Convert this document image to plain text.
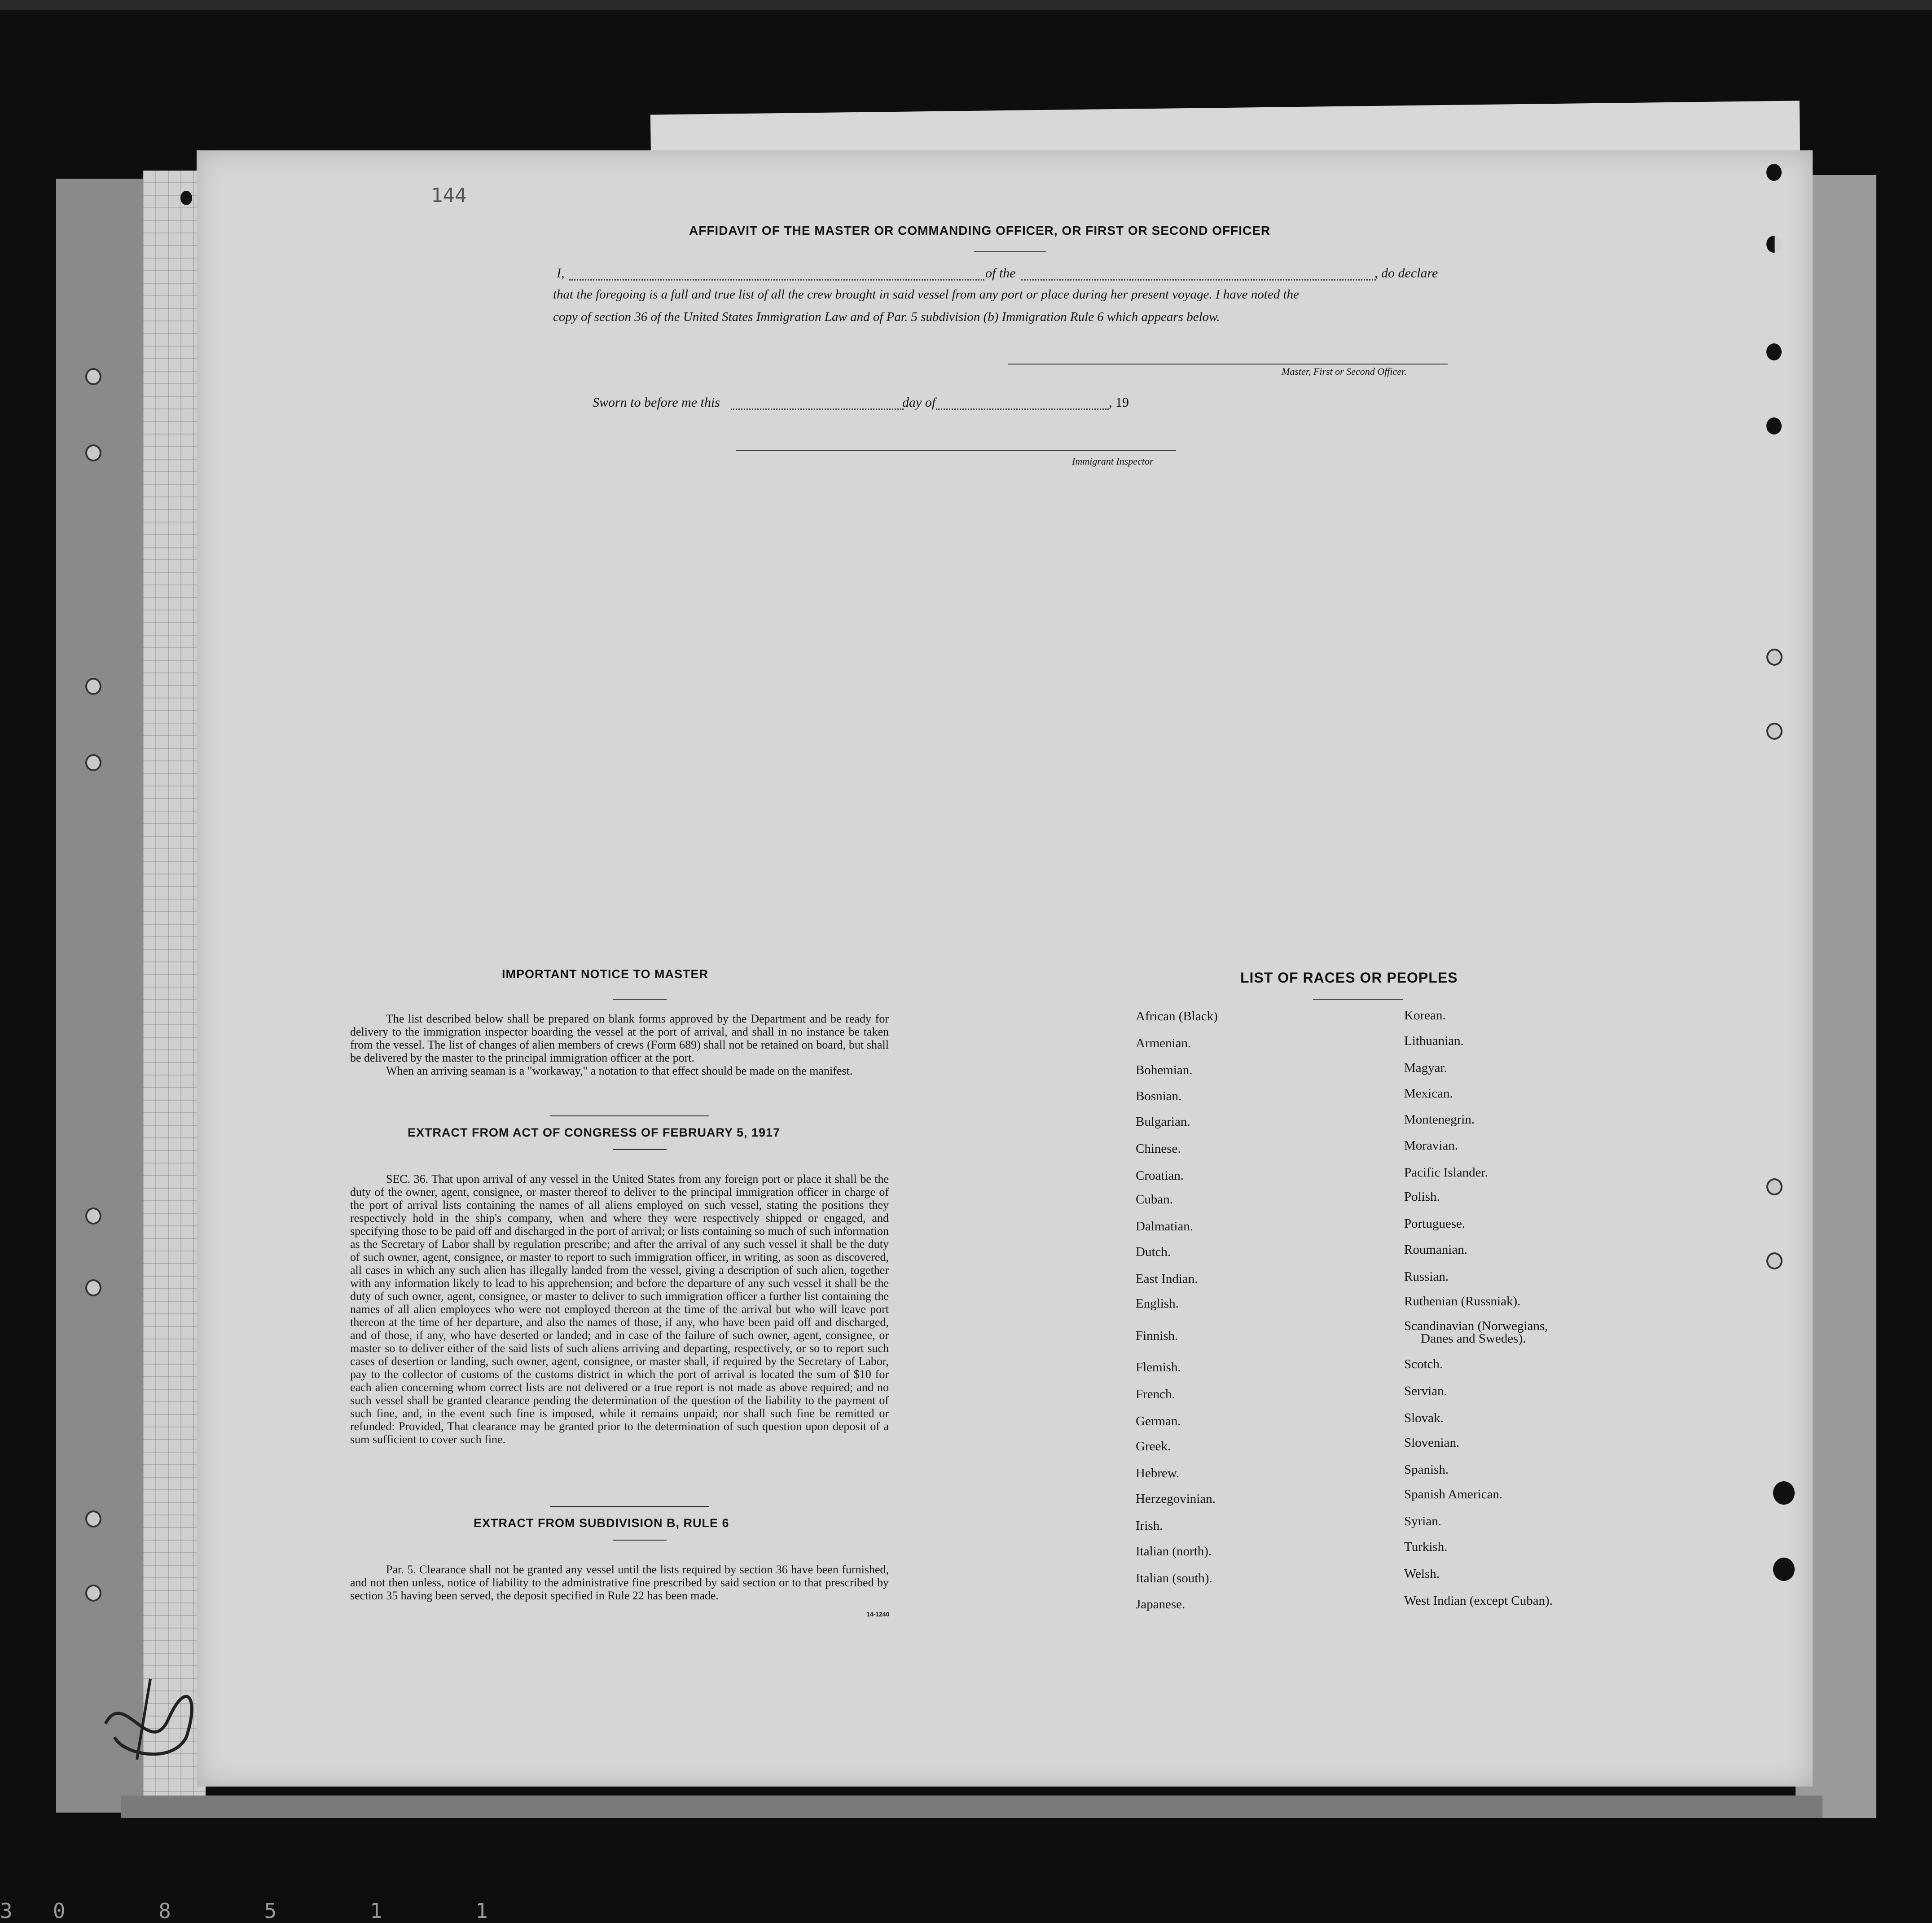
144
AFFIDAVIT OF THE MASTER OR COMMANDING OFFICER, OR FIRST OR SECOND OFFICER
I,	of the	, do declare
that the foregoing is a full and true list of all the crew brought in said vessel from any port or place during her present voyage. I have noted the
copy of section 36 of the United States Immigration Law and of Par. 5 subdivision (b) Immigration Rule 6 which appears below.
Master, First or Second Officer.
Sworn to before me this	day of	, 19
Immigrant Inspector
IMPORTANT NOTICE TO MASTER

The list described below shall be prepared on blank forms approved by the Department and be ready for delivery to the immigration inspector boarding the vessel at the port of arrival, and shall in no instance be taken from the vessel. The list of changes of alien members of crews (Form 689) shall not be retained on board, but shall be delivered by the master to the principal immigration officer at the port.

When an arriving seaman is a "workaway," a notation to that effect should be made on the manifest.

EXTRACT FROM ACT OF CONGRESS OF FEBRUARY 5, 1917

SEC. 36. That upon arrival of any vessel in the United States from any foreign port or place it shall be the duty of the owner, agent, consignee, or master thereof to deliver to the principal immigration officer in charge of the port of arrival lists containing the names of all aliens employed on such vessel, stating the positions they respectively hold in the ship's company, when and where they were respectively shipped or engaged, and specifying those to be paid off and discharged in the port of arrival; or lists containing so much of such information as the Secretary of Labor shall by regulation prescribe; and after the arrival of any such vessel it shall be the duty of such owner, agent, consignee, or master to report to such immigration officer, in writing, as soon as discovered, all cases in which any such alien has illegally landed from the vessel, giving a description of such alien, together with any information likely to lead to his apprehension; and before the departure of any such vessel it shall be the duty of such owner, agent, consignee, or master to deliver to such immigration officer a further list containing the names of all alien employees who were not employed thereon at the time of the arrival but who will leave port thereon at the time of her departure, and also the names of those, if any, who have been paid off and discharged, and of those, if any, who have deserted or landed; and in case of the failure of such owner, agent, consignee, or master so to deliver either of the said lists of such aliens arriving and departing, respectively, or so to report such cases of desertion or landing, such owner, agent, consignee, or master shall, if required by the Secretary of Labor, pay to the collector of customs of the customs district in which the port of arrival is located the sum of $10 for each alien concerning whom correct lists are not delivered or a true report is not made as above required; and no such vessel shall be granted clearance pending the determination of the question of the liability to the payment of such fine, and, in the event such fine is imposed, while it remains unpaid; nor shall such fine be remitted or refunded: Provided, That clearance may be granted prior to the determination of such question upon deposit of a sum sufficient to cover such fine.

EXTRACT FROM SUBDIVISION B, RULE 6

Par. 5. Clearance shall not be granted any vessel until the lists required by section 36 have been furnished, and not then unless, notice of liability to the administrative fine prescribed by said section or to that prescribed by section 35 having been served, the deposit specified in Rule 22 has been made.

14-1240
LIST OF RACES OR PEOPLES
African (Black)
Armenian.
Bohemian.
Bosnian.
Bulgarian.
Chinese.
Croatian.
Cuban.
Dalmatian.
Dutch.
East Indian.
English.
Finnish.
Flemish.
French.
German.
Greek.
Hebrew.
Herzegovinian.
Irish.
Italian (north).
Italian (south).
Japanese.
Korean.
Lithuanian.
Magyar.
Mexican.
Montenegrin.
Moravian.
Pacific Islander.
Polish.
Portuguese.
Roumanian.
Russian.
Ruthenian (Russniak).
Scandinavian (Norwegians,
Danes and Swedes).
Scotch.
Servian.
Slovak.
Slovenian.
Spanish.
Spanish American.
Syrian.
Turkish.
Welsh.
West Indian (except Cuban).
30 8 5 1 1
